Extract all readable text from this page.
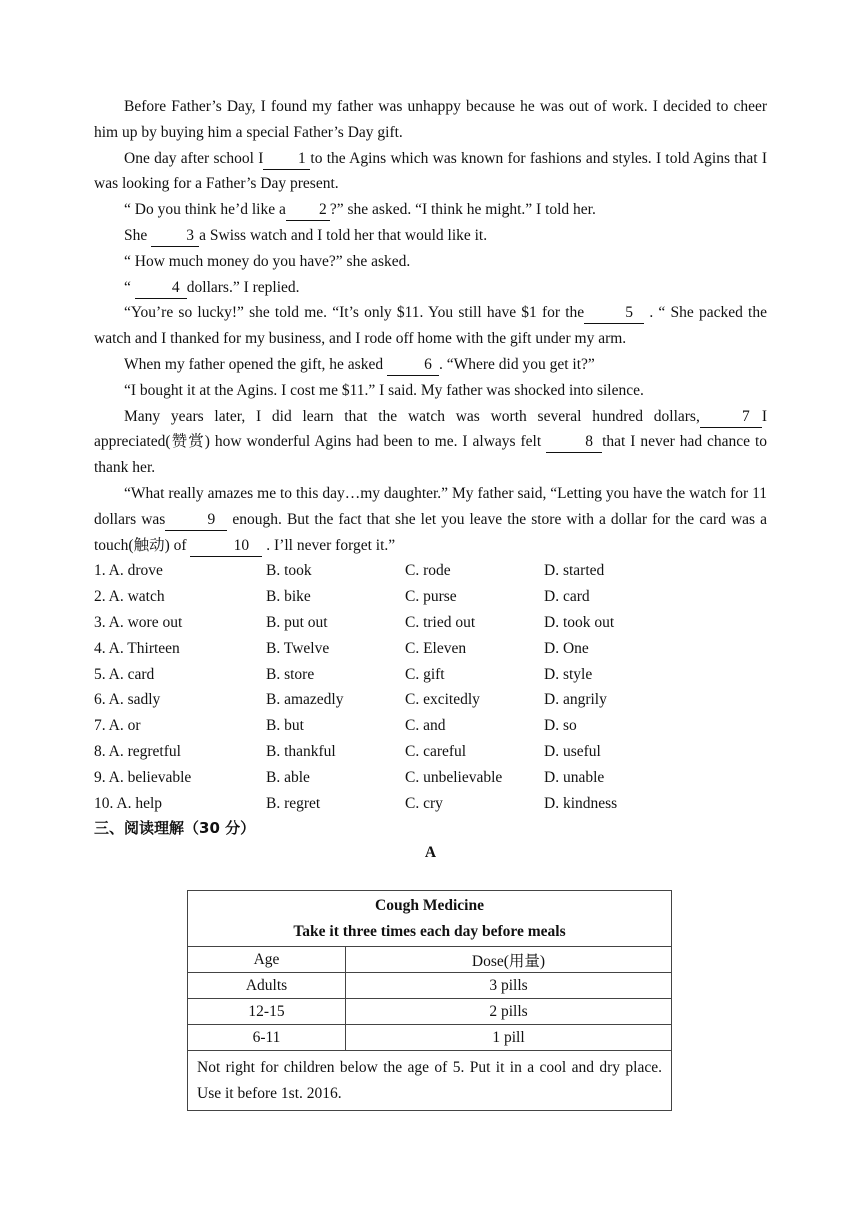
Before Father’s Day, I found my father was unhappy because he was out of work. I decided to cheer him up by buying him a special Father’s Day gift.

One day after school I 1 to the Agins which was known for fashions and styles. I told Agins that I was looking for a Father’s Day present.

“ Do you think he’d like a 2 ?” she asked. “I think he might.” I told her.

She 3 a Swiss watch and I told her that would like it.

“ How much money do you have?” she asked.

“ 4 dollars.” I replied.

“You’re so lucky!” she told me. “It’s only $11. You still have $1 for the	5 . “ She packed the watch and I thanked for my business, and I rode off home with the gift under my arm.

When my father opened the gift, he asked 6 . “Where did you get it?”

“I bought it at the Agins. I cost me $11.” I said. My father was shocked into silence.

Many years later, I did learn that the watch was worth several hundred dollars,	7 I appreciated(赞赏) how wonderful Agins had been to me. I always felt	8 that I never had chance to thank her.

“What really amazes me to this day…my daughter.” My father said, “Letting you have the watch for 11 dollars was	9 enough. But the fact that she let you leave the store with a dollar for the card was a touch(触动) of	10 . I’ll never forget it.”

1. A. drove	B. took	C. rode	D. started
2. A. watch	B. bike	C. purse	D. card
3. A. wore out	B. put out	C. tried out	D. took out
4. A. Thirteen	B. Twelve	C. Eleven	D. One
5. A. card	B. store	C. gift	D. style
6. A. sadly	B. amazedly	C. excitedly	D. angrily
7. A. or	B. but	C. and	D. so
8. A. regretful	B. thankful	C. careful	D. useful
9. A. believable	B. able	C. unbelievable	D. unable
10. A. help	B. regret	C. cry	D. kindness

三、阅读理解（30 分）

A

Cough Medicine
Take it three times each day before meals	

Age	Dose(用量)
Adults	3 pills
12-15	2 pills
6-11	1 pill
Not right for children below the age of 5. Put it in a cool and dry place. Use it before 1st. 2016.	
